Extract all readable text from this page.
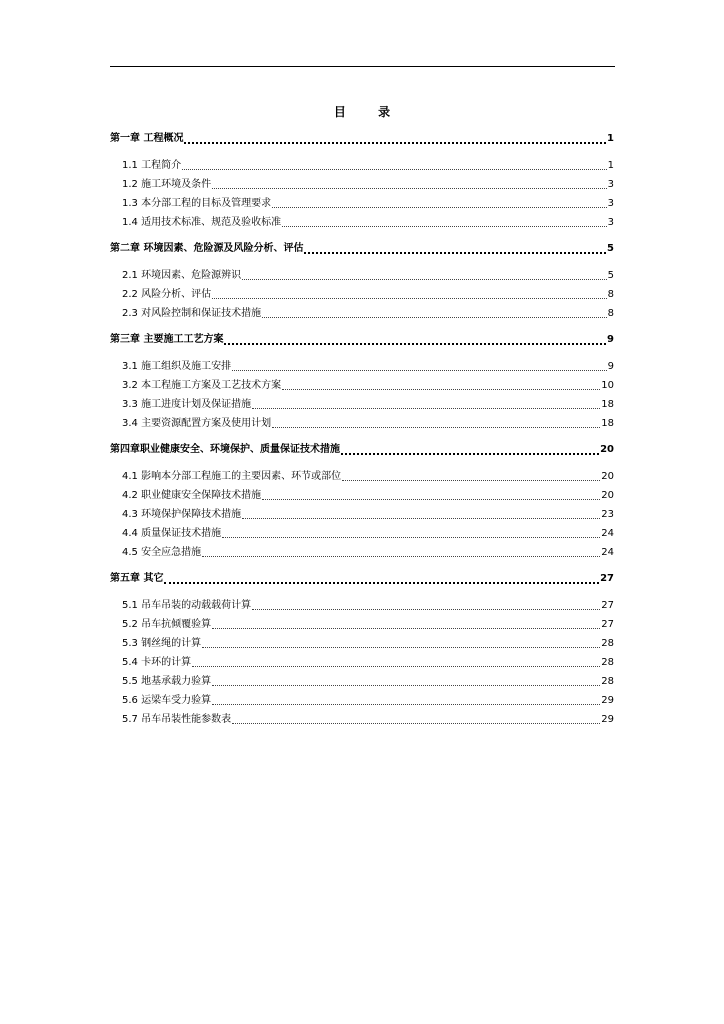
目 录
第一章 工程概况	1
1.1 工程简介	1
1.2 施工环境及条件	3
1.3 本分部工程的目标及管理要求	3
1.4 适用技术标准、规范及验收标准	3
第二章 环境因素、危险源及风险分析、评估	5
2.1 环境因素、危险源辨识	5
2.2 风险分析、评估	8
2.3 对风险控制和保证技术措施	8
第三章 主要施工工艺方案	9
3.1 施工组织及施工安排	9
3.2 本工程施工方案及工艺技术方案	10
3.3 施工进度计划及保证措施	18
3.4 主要资源配置方案及使用计划	18
第四章职业健康安全、环境保护、质量保证技术措施	20
4.1 影响本分部工程施工的主要因素、环节或部位	20
4.2 职业健康安全保障技术措施	20
4.3 环境保护保障技术措施	23
4.4 质量保证技术措施	24
4.5 安全应急措施	24
第五章 其它	27
5.1 吊车吊装的动载载荷计算	27
5.2 吊车抗倾覆验算	27
5.3 钢丝绳的计算	28
5.4 卡环的计算	28
5.5 地基承载力验算	28
5.6 运梁车受力验算	29
5.7 吊车吊装性能参数表	29
